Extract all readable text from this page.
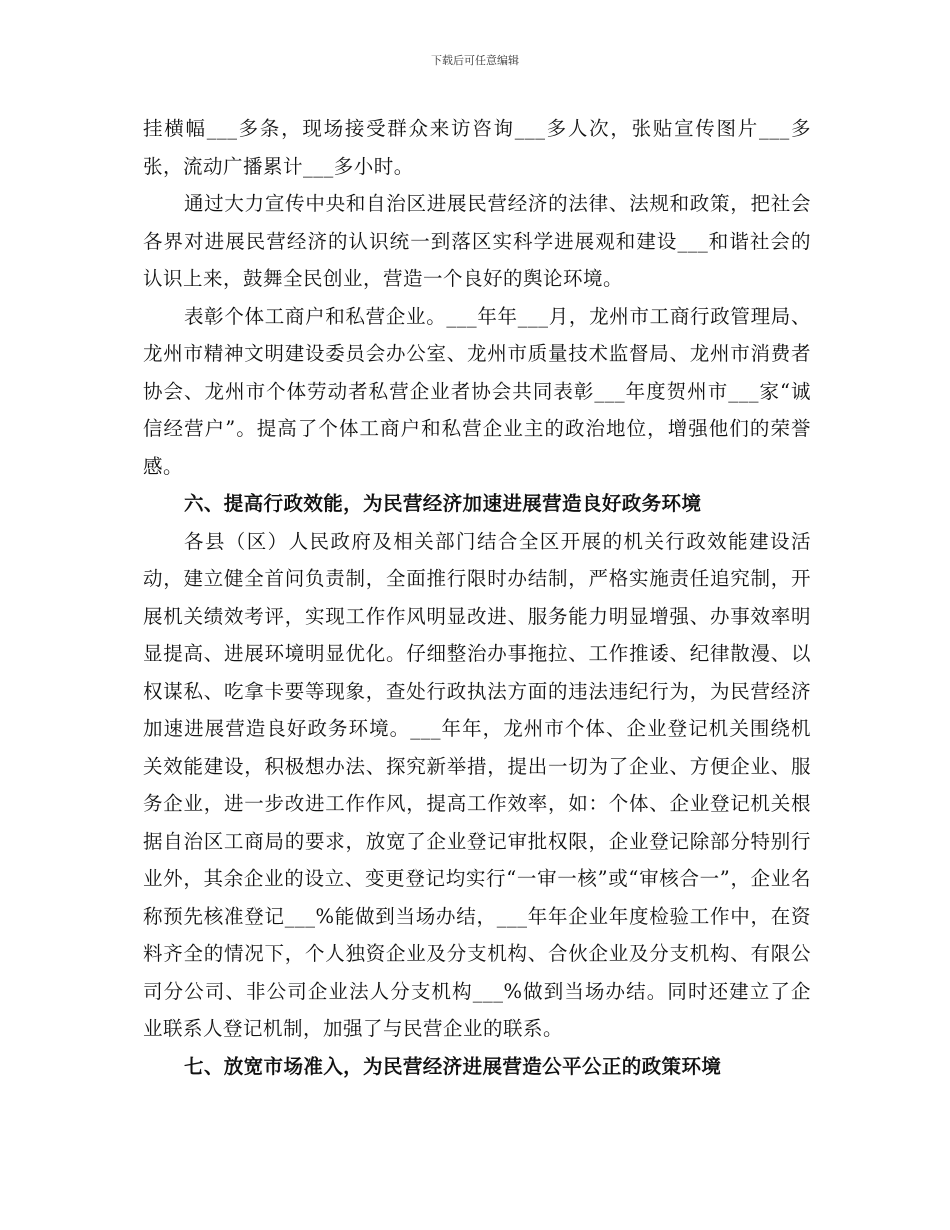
下载后可任意编辑

挂横幅___多条，现场接受群众来访咨询___多人次，张贴宣传图片___多张，流动广播累计___多小时。

通过大力宣传中央和自治区进展民营经济的法律、法规和政策，把社会各界对进展民营经济的认识统一到落区实科学进展观和建设___和谐社会的认识上来，鼓舞全民创业，营造一个良好的舆论环境。

表彰个体工商户和私营企业。___年年___月，龙州市工商行政管理局、龙州市精神文明建设委员会办公室、龙州市质量技术监督局、龙州市消费者协会、龙州市个体劳动者私营企业者协会共同表彰___年度贺州市___家“诚信经营户”。提高了个体工商户和私营企业主的政治地位，增强他们的荣誉感。

六、提高行政效能，为民营经济加速进展营造良好政务环境

各县（区）人民政府及相关部门结合全区开展的机关行政效能建设活动，建立健全首问负责制，全面推行限时办结制，严格实施责任追究制，开展机关绩效考评，实现工作作风明显改进、服务能力明显增强、办事效率明显提高、进展环境明显优化。仔细整治办事拖拉、工作推诿、纪律散漫、以权谋私、吃拿卡要等现象，查处行政执法方面的违法违纪行为，为民营经济加速进展营造良好政务环境。___年年，龙州市个体、企业登记机关围绕机关效能建设，积极想办法、探究新举措，提出一切为了企业、方便企业、服务企业，进一步改进工作作风，提高工作效率，如：个体、企业登记机关根据自治区工商局的要求，放宽了企业登记审批权限，企业登记除部分特别行业外，其余企业的设立、变更登记均实行“一审一核”或“审核合一”，企业名称预先核准登记___%能做到当场办结，___年年企业年度检验工作中，在资料齐全的情况下，个人独资企业及分支机构、合伙企业及分支机构、有限公司分公司、非公司企业法人分支机构___%做到当场办结。同时还建立了企业联系人登记机制，加强了与民营企业的联系。

七、放宽市场准入，为民营经济进展营造公平公正的政策环境
